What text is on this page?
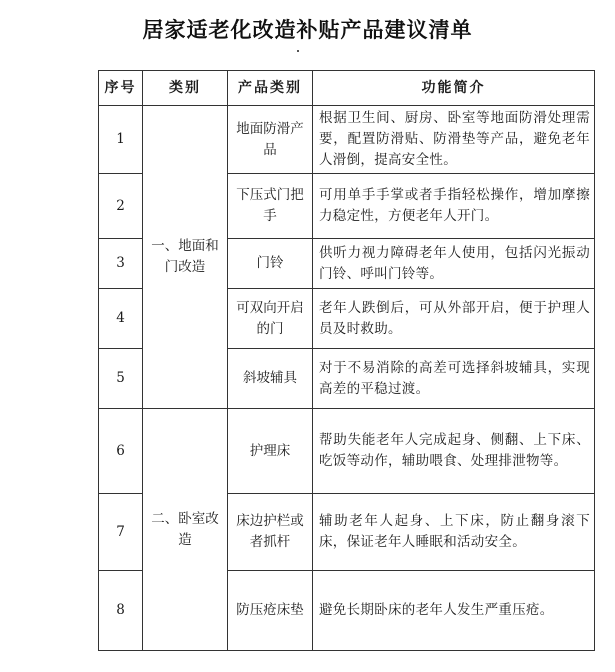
居家适老化改造补贴产品建议清单
序号	类别	产品类别	功能简介
1	一、地面和门改造	地面防滑产品	根据卫生间、厨房、卧室等地面防滑处理需要，配置防滑贴、防滑垫等产品，避免老年人滑倒，提高安全性。
2		下压式门把手	可用单手手掌或者手指轻松操作，增加摩擦力稳定性，方便老年人开门。
3		门铃	供听力视力障碍老年人使用，包括闪光振动门铃、呼叫门铃等。
4		可双向开启的门	老年人跌倒后，可从外部开启，便于护理人员及时救助。
5		斜坡辅具	对于不易消除的高差可选择斜坡辅具，实现高差的平稳过渡。
6	二、卧室改造	护理床	帮助失能老年人完成起身、侧翻、上下床、吃饭等动作，辅助喂食、处理排泄物等。
7		床边护栏或者抓杆	辅助老年人起身、上下床，防止翻身滚下床，保证老年人睡眠和活动安全。
8		防压疮床垫	避免长期卧床的老年人发生严重压疮。
